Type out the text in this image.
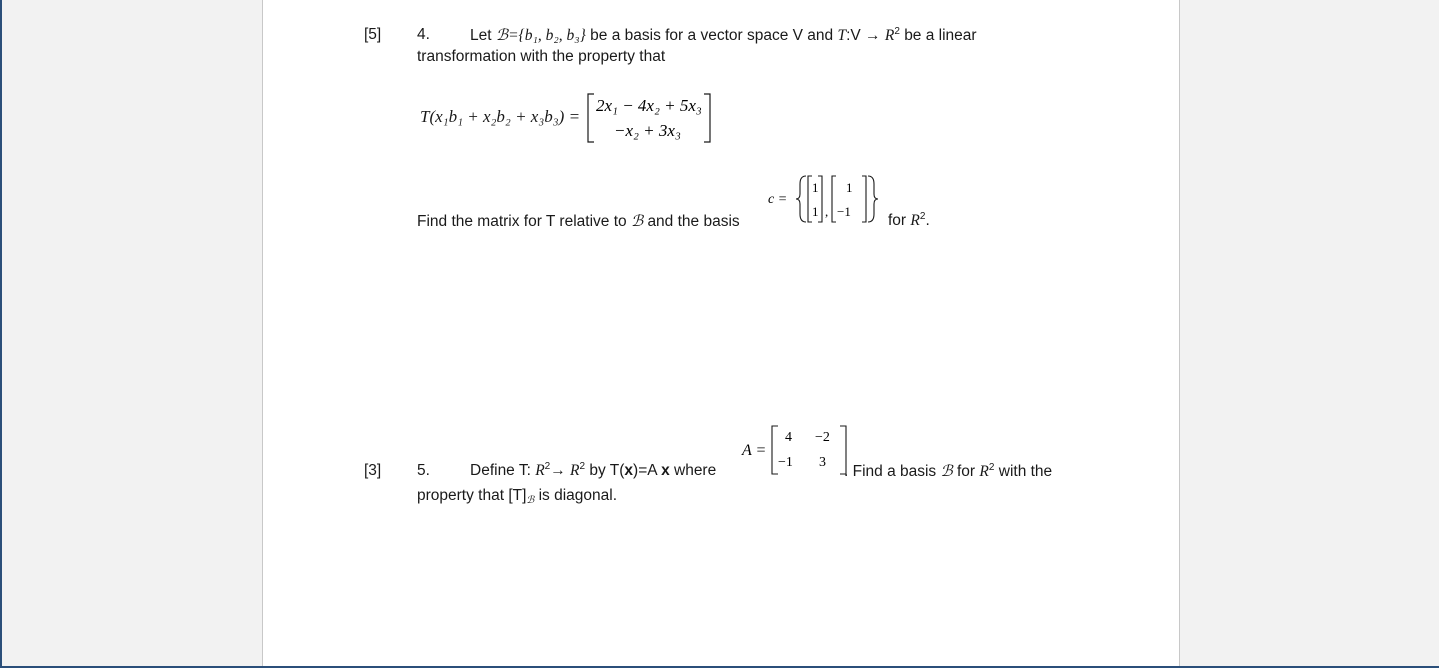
[5] 4.	Let ℬ={b₁, b₂, b₃} be a basis for a vector space V and T:V → $R^2$ be a linear
transformation with the property that
T(x₁b₁ + x₂b₂ + x₃b₃) =
2x₁ − 4x₂ + 5x₃
−x₂ + 3x₃
Find the matrix for T relative to ℬ and the basis
c =
1
1 ,
1
−1
for $R^2$.
[3] 5.	Define T: $R^2\to R^2$ by T(x)=A x where
A =
4 −2
−1 3
. Find a basis ℬ for $R^2$ with the
property that $[T]_ℬ$ is diagonal.
